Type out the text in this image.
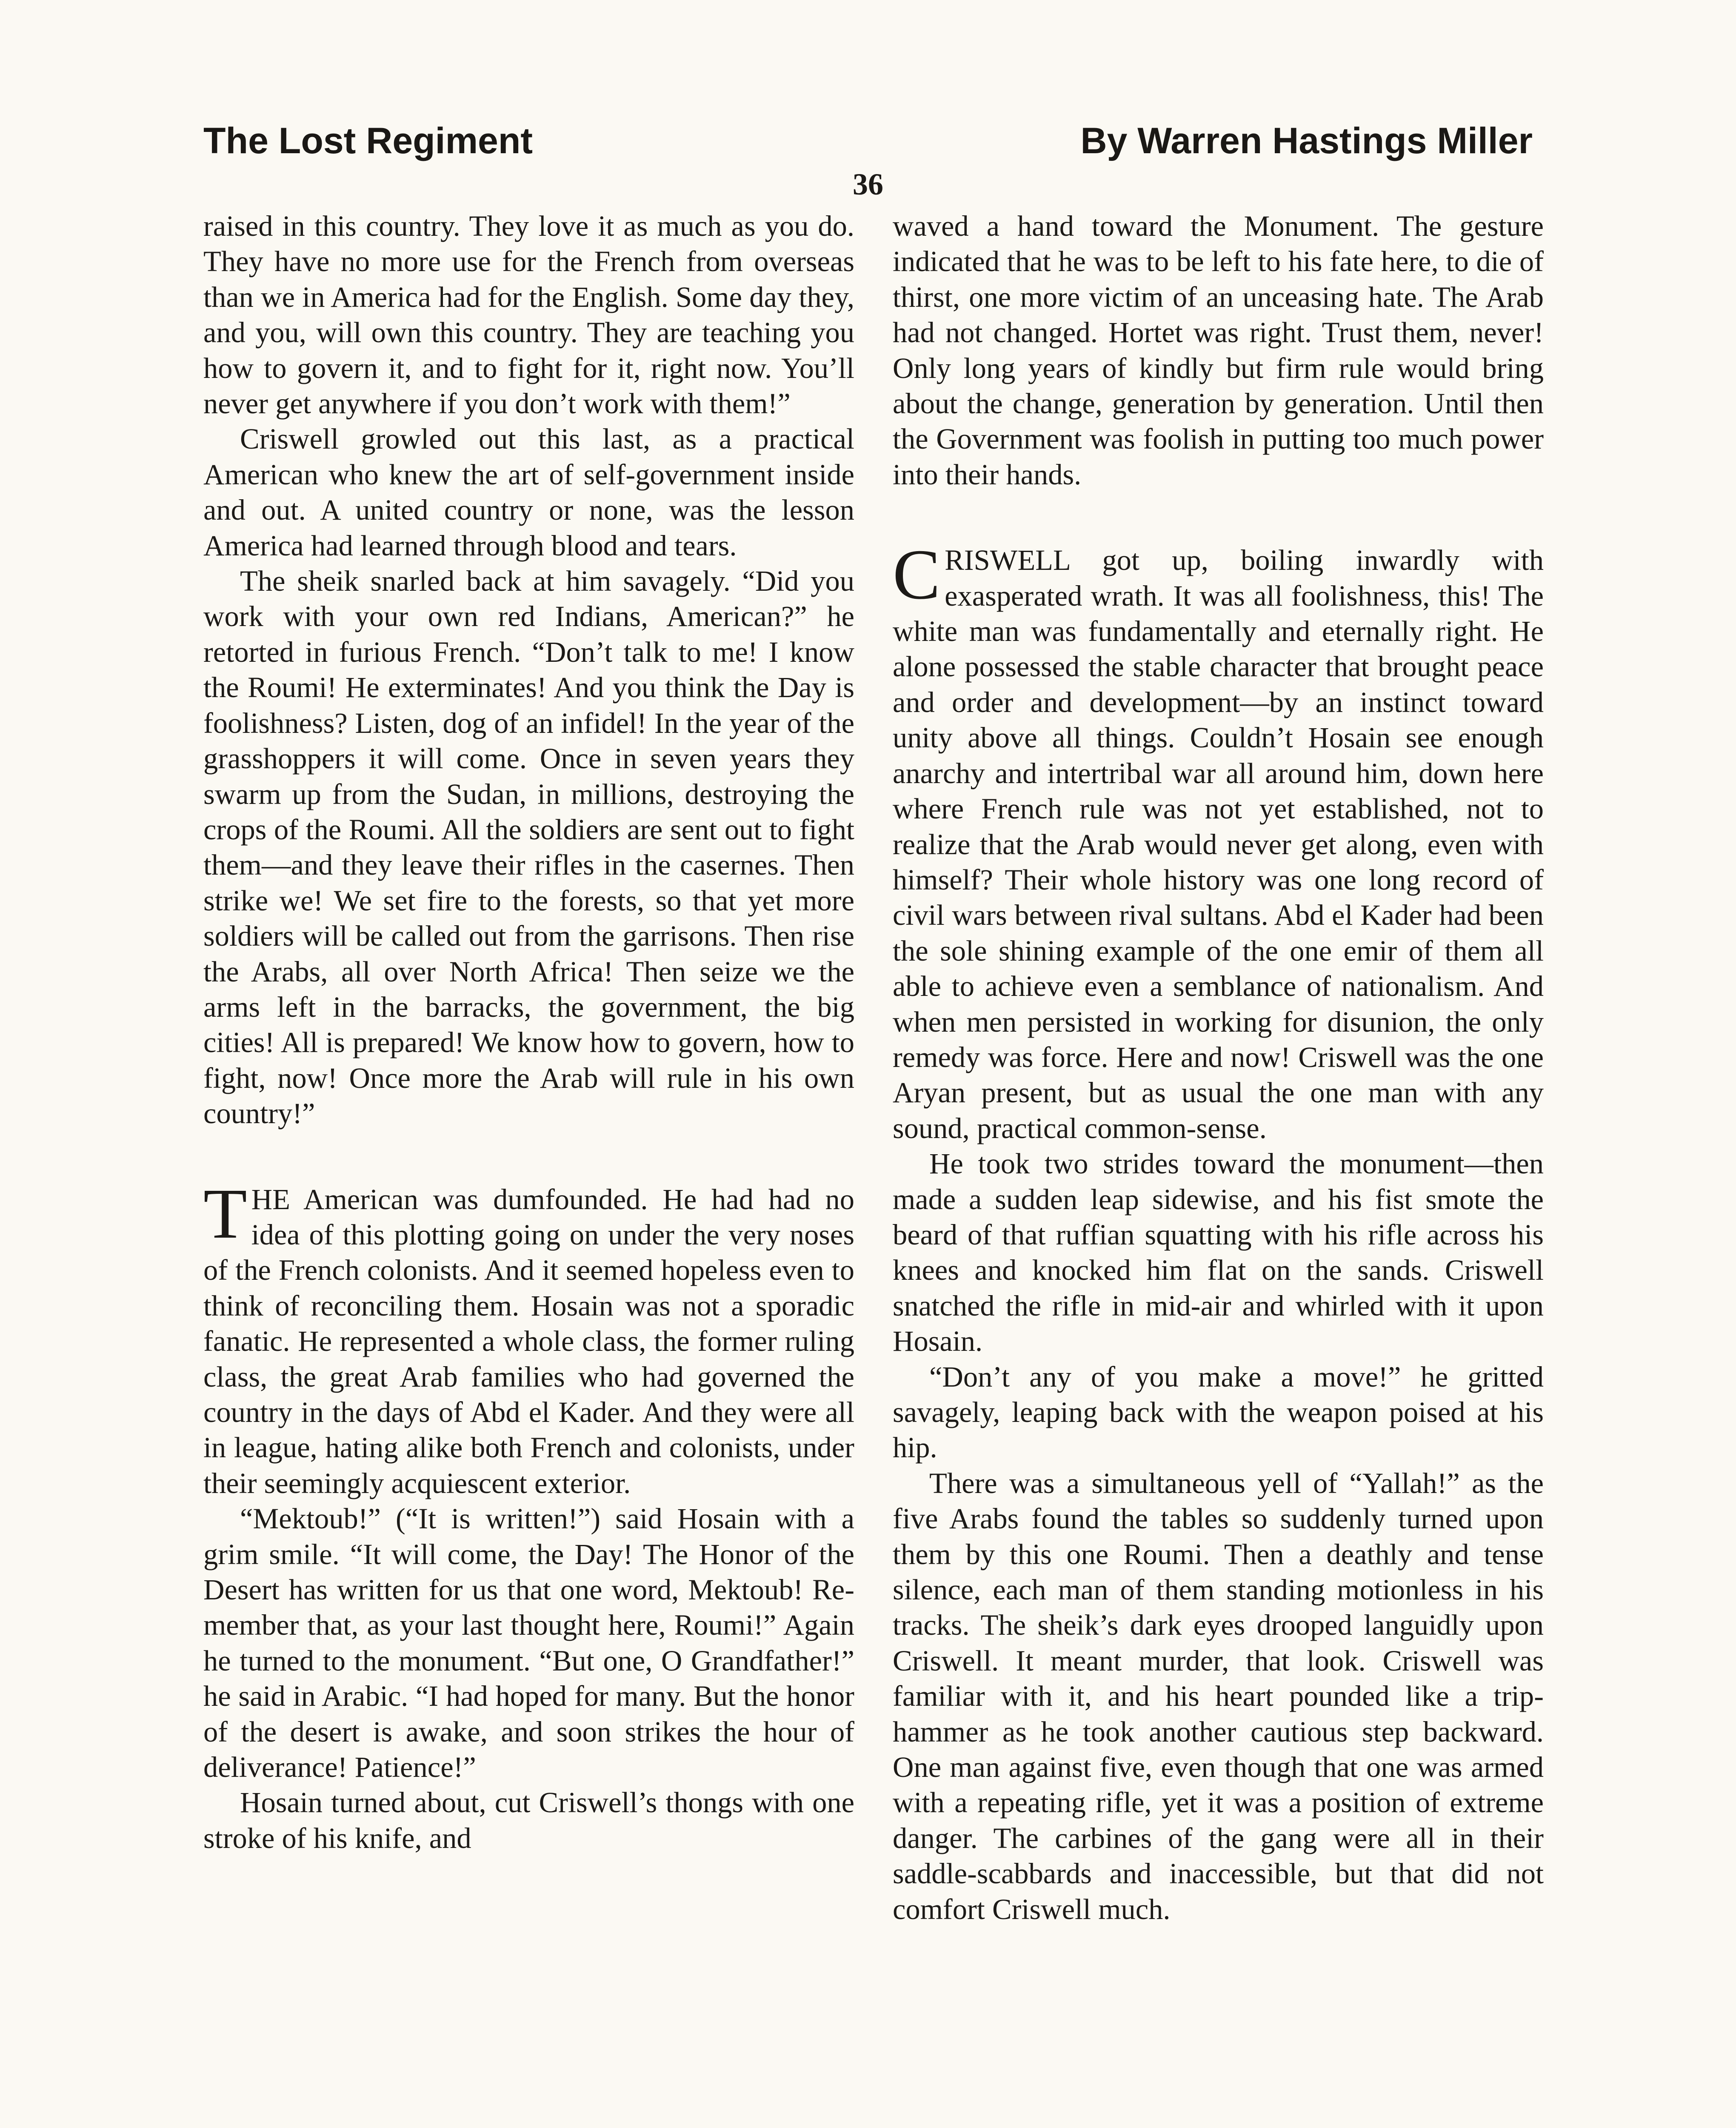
The Lost Regiment	By Warren Hastings Miller
36

raised in this country. They love it as much as you do. They have no more use for the French from overseas than we in America had for the English. Some day they, and you, will own this country. They are teaching you how to govern it, and to fight for it, right now. You’ll never get anywhere if you don’t work with them!”

Criswell growled out this last, as a practical American who knew the art of self-government inside and out. A united country or none, was the lesson America had learned through blood and tears.

The sheik snarled back at him savagely. “Did you work with your own red Indians, American?” he retorted in furious French. “Don’t talk to me! I know the Roumi! He exterminates! And you think the Day is foolishness? Listen, dog of an infidel! In the year of the grasshoppers it will come. Once in seven years they swarm up from the Sudan, in millions, destroying the crops of the Roumi. All the soldiers are sent out to fight them—and they leave their rifles in the casernes. Then strike we! We set fire to the forests, so that yet more soldiers will be called out from the garrisons. Then rise the Arabs, all over North Africa! Then seize we the arms left in the barracks, the government, the big cities! All is prepared! We know how to govern, how to fight, now! Once more the Arab will rule in his own country!”

THE American was dumfounded. He had had no idea of this plotting going on under the very noses of the French colonists. And it seemed hopeless even to think of reconciling them. Hosain was not a sporadic fanatic. He represented a whole class, the former ruling class, the great Arab families who had governed the country in the days of Abd el Kader. And they were all in league, hating alike both French and colonists, under their seemingly acquiescent exterior.

“Mektoub!” (“It is written!”) said Hosain with a grim smile. “It will come, the Day! The Honor of the Desert has written for us that one word, Mektoub! Remember that, as your last thought here, Roumi!” Again he turned to the monument. “But one, O Grandfather!” he said in Arabic. “I had hoped for many. But the honor of the desert is awake, and soon strikes the hour of deliverance! Patience!”

Hosain turned about, cut Criswell’s thongs with one stroke of his knife, and

waved a hand toward the Monument. The gesture indicated that he was to be left to his fate here, to die of thirst, one more victim of an unceasing hate. The Arab had not changed. Hortet was right. Trust them, never! Only long years of kindly but firm rule would bring about the change, generation by generation. Until then the Government was foolish in putting too much power into their hands.

CRISWELL got up, boiling inwardly with exasperated wrath. It was all foolishness, this! The white man was fundamentally and eternally right. He alone possessed the stable character that brought peace and order and development—by an instinct toward unity above all things. Couldn’t Hosain see enough anarchy and intertribal war all around him, down here where French rule was not yet established, not to realize that the Arab would never get along, even with himself? Their whole history was one long record of civil wars between rival sultans. Abd el Kader had been the sole shining example of the one emir of them all able to achieve even a semblance of nationalism. And when men persisted in working for disunion, the only remedy was force. Here and now! Criswell was the one Aryan present, but as usual the one man with any sound, practical common-sense.

He took two strides toward the monument—then made a sudden leap sidewise, and his fist smote the beard of that ruffian squatting with his rifle across his knees and knocked him flat on the sands. Criswell snatched the rifle in mid-air and whirled with it upon Hosain.

“Don’t any of you make a move!” he gritted savagely, leaping back with the weapon poised at his hip.

There was a simultaneous yell of “Yallah!” as the five Arabs found the tables so suddenly turned upon them by this one Roumi. Then a deathly and tense silence, each man of them standing motionless in his tracks. The sheik’s dark eyes drooped languidly upon Criswell. It meant murder, that look. Criswell was familiar with it, and his heart pounded like a triphammer as he took another cautious step backward. One man against five, even though that one was armed with a repeating rifle, yet it was a position of extreme danger. The carbines of the gang were all in their saddle-scabbards and inaccessible, but that did not comfort Criswell much.
